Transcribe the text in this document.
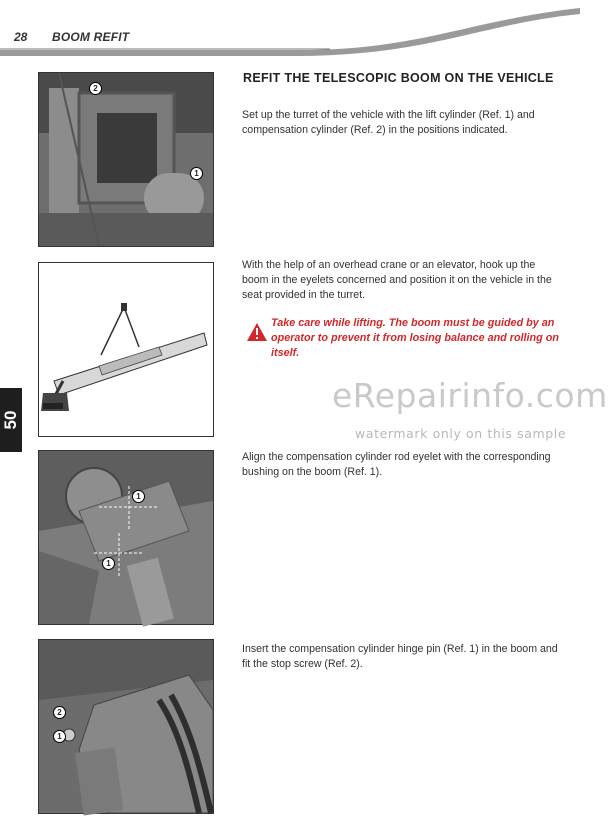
28 BOOM REFIT
50
2
1
1
1
2
1
REFIT THE TELESCOPIC BOOM ON THE VEHICLE
Set up the turret of the vehicle with the lift cylinder (Ref. 1) and compensation cylinder (Ref. 2) in the positions indicated.
With the help of an overhead crane or an elevator, hook up the boom in the eyelets concerned and position it on the vehicle in the seat provided in the turret.
Take care while lifting. The boom must be guided by an operator to prevent it from losing balance and rolling on itself.
eRepairinfo.com
watermark only on this sample
Align the compensation cylinder rod eyelet with the corresponding bushing on the boom (Ref. 1).
Insert the compensation cylinder hinge pin (Ref. 1) in the boom and fit the stop screw (Ref. 2).
